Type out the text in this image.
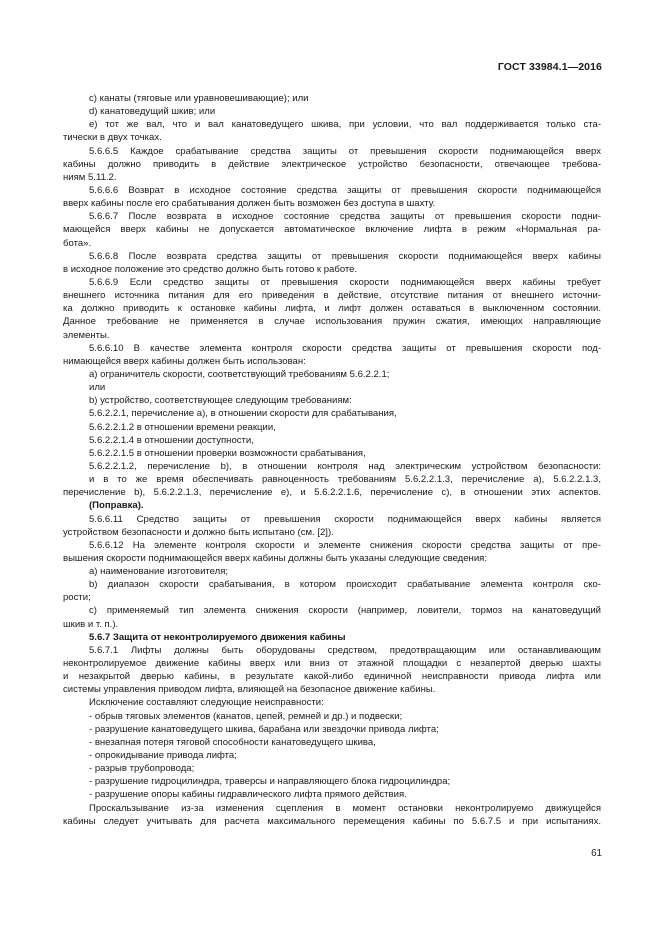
ГОСТ 33984.1—2016
с) канаты (тяговые или уравновешивающие); или
d) канатоведущий шкив; или
е) тот же вал, что и вал канатоведущего шкива, при условии, что вал поддерживается только ста-
тически в двух точках.
5.6.6.5 Каждое срабатывание средства защиты от превышения скорости поднимающейся вверх
кабины должно приводить в действие электрическое устройство безопасности, отвечающее требова-
ниям 5.11.2.
5.6.6.6 Возврат в исходное состояние средства защиты от превышения скорости поднимающейся
вверх кабины после его срабатывания должен быть возможен без доступа в шахту.
5.6.6.7 После возврата в исходное состояние средства защиты от превышения скорости подни-
мающейся вверх кабины не допускается автоматическое включение лифта в режим «Нормальная ра-
бота».
5.6.6.8 После возврата средства защиты от превышения скорости поднимающейся вверх кабины
в исходное положение это средство должно быть готово к работе.
5.6.6.9 Если средство защиты от превышения скорости поднимающейся вверх кабины требует
внешнего источника питания для его приведения в действие, отсутствие питания от внешнего источни-
ка должно приводить к остановке кабины лифта, и лифт должен оставаться в выключенном состоянии.
Данное требование не применяется в случае использования пружин сжатия, имеющих направляющие
элементы.
5.6.6.10 В качестве элемента контроля скорости средства защиты от превышения скорости под-
нимающейся вверх кабины должен быть использован:
а) ограничитель скорости, соответствующий требованиям 5.6.2.2.1;
или
b) устройство, соответствующее следующим требованиям:
5.6.2.2.1, перечисление а), в отношении скорости для срабатывания,
5.6.2.2.1.2 в отношении времени реакции,
5.6.2.2.1.4 в отношении доступности,
5.6.2.2.1.5 в отношении проверки возможности срабатывания,
5.6.2.2.1.2, перечисление b), в отношении контроля над электрическим устройством безопасности:
и в то же время обеспечивать равноценность требованиям 5.6.2.2.1.3, перечисление а), 5.6.2.2.1.3,
перечисление b), 5.6.2.2.1.3, перечисление е), и 5.6.2.2.1.6, перечисление с), в отношении этих аспектов.
(Поправка).
5.6.6.11 Средство защиты от превышения скорости поднимающейся вверх кабины является
устройством безопасности и должно быть испытано (см. [2]).
5.6.6.12 На элементе контроля скорости и элементе снижения скорости средства защиты от пре-
вышения скорости поднимающейся вверх кабины должны быть указаны следующие сведения:
а) наименование изготовителя;
b) диапазон скорости срабатывания, в котором происходит срабатывание элемента контроля ско-
рости;
с) применяемый тип элемента снижения скорости (например, ловители, тормоз на канатоведущий
шкив и т. п.).
5.6.7 Защита от неконтролируемого движения кабины
5.6.7.1 Лифты должны быть оборудованы средством, предотвращающим или останавливающим
неконтролируемое движение кабины вверх или вниз от этажной площадки с незапертой дверью шахты
и незакрытой дверью кабины, в результате какой-либо единичной неисправности привода лифта или
системы управления приводом лифта, влияющей на безопасное движение кабины.
Исключение составляют следующие неисправности:
- обрыв тяговых элементов (канатов, цепей, ремней и др.) и подвески;
- разрушение канатоведущего шкива, барабана или звездочки привода лифта;
- внезапная потеря тяговой способности канатоведущего шкива,
- опрокидывание привода лифта;
- разрыв трубопровода;
- разрушение гидроцилиндра, траверсы и направляющего блока гидроцилиндра;
- разрушение опоры кабины гидравлического лифта прямого действия.
Проскальзывание из-за изменения сцепления в момент остановки неконтролируемо движущейся
кабины следует учитывать для расчета максимального перемещения кабины по 5.6.7.5 и при испытаниях.
61
